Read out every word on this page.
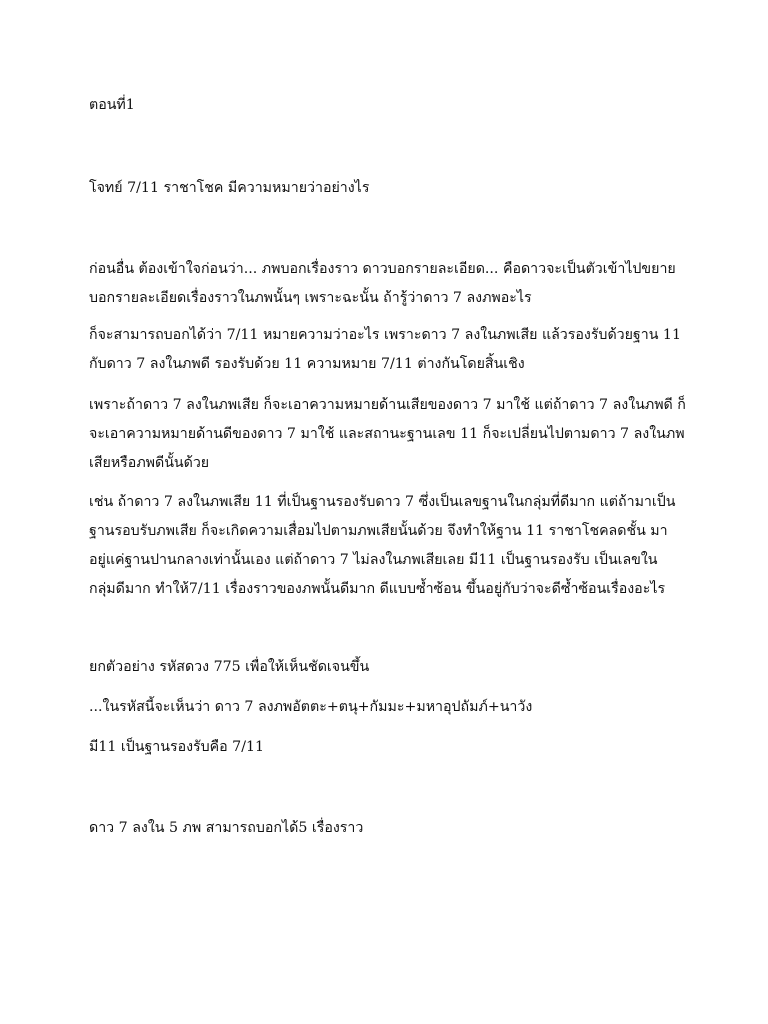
ตอนที่1
โจทย์ 7/11 ราชาโชค มีความหมายว่าอย่างไร
ก่อนอื่น ต้องเข้าใจก่อนว่า... ภพบอกเรื่องราว ดาวบอกรายละเอียด... คือดาวจะเป็นตัวเข้าไปขยาย
บอกรายละเอียดเรื่องราวในภพนั้นๆ เพราะฉะนั้น ถ้ารู้ว่าดาว 7 ลงภพอะไร
ก็จะสามารถบอกได้ว่า 7/11 หมายความว่าอะไร เพราะดาว 7 ลงในภพเสีย แล้วรองรับด้วยฐาน 11
กับดาว 7 ลงในภพดี รองรับด้วย 11 ความหมาย 7/11 ต่างกันโดยสิ้นเชิง
เพราะถ้าดาว 7 ลงในภพเสีย ก็จะเอาความหมายด้านเสียของดาว 7 มาใช้ แต่ถ้าดาว 7 ลงในภพดี ก็
จะเอาความหมายด้านดีของดาว 7 มาใช้ และสถานะฐานเลข 11 ก็จะเปลี่ยนไปตามดาว 7 ลงในภพ
เสียหรือภพดีนั้นด้วย
เช่น ถ้าดาว 7 ลงในภพเสีย 11 ที่เป็นฐานรองรับดาว 7 ซึ่งเป็นเลขฐานในกลุ่มที่ดีมาก แต่ถ้ามาเป็น
ฐานรอบรับภพเสีย ก็จะเกิดความเสื่อมไปตามภพเสียนั้นด้วย จึงทำให้ฐาน 11 ราชาโชคลดชั้น มา
อยู่แค่ฐานปานกลางเท่านั้นเอง แต่ถ้าดาว 7 ไม่ลงในภพเสียเลย มี11 เป็นฐานรองรับ เป็นเลขใน
กลุ่มดีมาก ทำให้7/11 เรื่องราวของภพนั้นดีมาก ดีแบบซ้ำซ้อน ขึ้นอยู่กับว่าจะดีซ้ำซ้อนเรื่องอะไร
ยกตัวอย่าง รหัสดวง 775 เพื่อให้เห็นชัดเจนขึ้น
...ในรหัสนี้จะเห็นว่า ดาว 7 ลงภพอัตตะ+ตนุ+กัมมะ+มหาอุปถัมภ์+นาวัง
มี11 เป็นฐานรองรับคือ 7/11
ดาว 7 ลงใน 5 ภพ สามารถบอกได้5 เรื่องราว
